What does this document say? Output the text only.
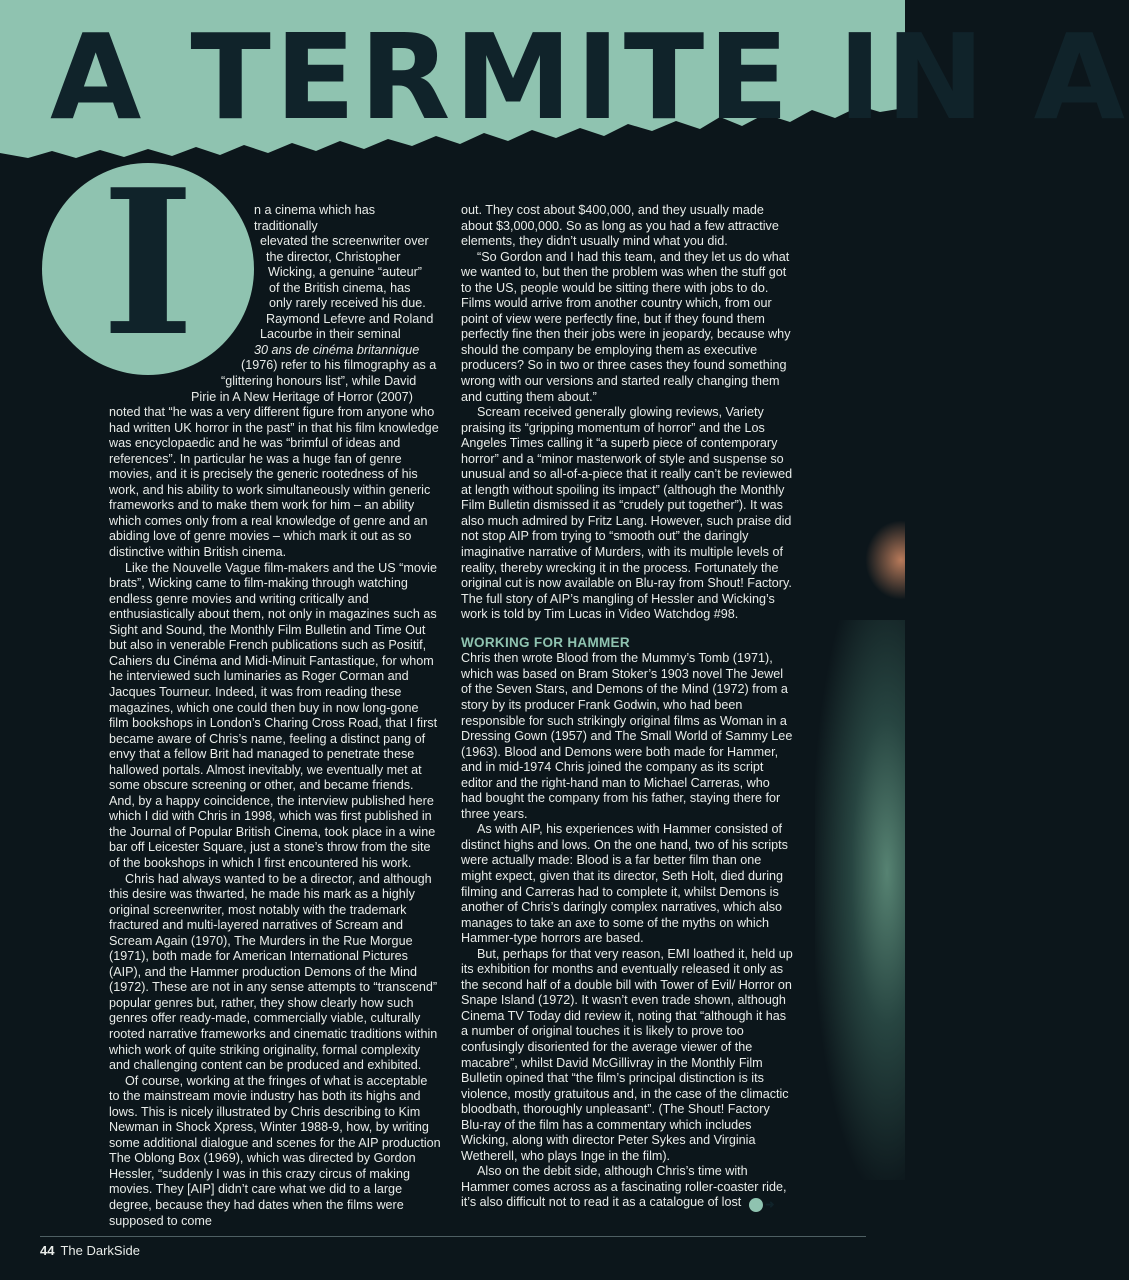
A TERMITE IN A
I	n a cinema which has traditionally
elevated the screenwriter over
the director, Christopher
Wicking, a genuine “auteur”
of the British cinema, has
only rarely received his due.
Raymond Lefevre and Roland
Lacourbe in their seminal
30 ans de cinéma britannique
(1976) refer to his filmography as a
“glittering honours list”, while David
Pirie in A New Heritage of Horror (2007)

noted that “he was a very different figure from anyone who had written UK horror in the past” in that his film knowledge was encyclopaedic and he was “brimful of ideas and references”. In particular he was a huge fan of genre movies, and it is precisely the generic rootedness of his work, and his ability to work simultaneously within generic frameworks and to make them work for him – an ability which comes only from a real knowledge of genre and an abiding love of genre movies – which mark it out as so distinctive within British cinema.

Like the Nouvelle Vague film-makers and the US “movie brats”, Wicking came to film-making through watching endless genre movies and writing critically and enthusiastically about them, not only in magazines such as Sight and Sound, the Monthly Film Bulletin and Time Out but also in venerable French publications such as Positif, Cahiers du Cinéma and Midi-Minuit Fantastique, for whom he interviewed such luminaries as Roger Corman and Jacques Tourneur. Indeed, it was from reading these magazines, which one could then buy in now long-gone film bookshops in London’s Charing Cross Road, that I first became aware of Chris’s name, feeling a distinct pang of envy that a fellow Brit had managed to penetrate these hallowed portals. Almost inevitably, we eventually met at some obscure screening or other, and became friends. And, by a happy coincidence, the interview published here which I did with Chris in 1998, which was first published in the Journal of Popular British Cinema, took place in a wine bar off Leicester Square, just a stone’s throw from the site of the bookshops in which I first encountered his work.

Chris had always wanted to be a director, and although this desire was thwarted, he made his mark as a highly original screenwriter, most notably with the trademark fractured and multi-layered narratives of Scream and Scream Again (1970), The Murders in the Rue Morgue (1971), both made for American International Pictures (AIP), and the Hammer production Demons of the Mind (1972). These are not in any sense attempts to “transcend” popular genres but, rather, they show clearly how such genres offer ready-made, commercially viable, culturally rooted narrative frameworks and cinematic traditions within which work of quite striking originality, formal complexity and challenging content can be produced and exhibited.

Of course, working at the fringes of what is acceptable to the mainstream movie industry has both its highs and lows. This is nicely illustrated by Chris describing to Kim Newman in Shock Xpress, Winter 1988-9, how, by writing some additional dialogue and scenes for the AIP production The Oblong Box (1969), which was directed by Gordon Hessler, “suddenly I was in this crazy circus of making movies. They [AIP] didn’t care what we did to a large degree, because they had dates when the films were supposed to come

out. They cost about $400,000, and they usually made about $3,000,000. So as long as you had a few attractive elements, they didn’t usually mind what you did.

“So Gordon and I had this team, and they let us do what we wanted to, but then the problem was when the stuff got to the US, people would be sitting there with jobs to do. Films would arrive from another country which, from our point of view were perfectly fine, but if they found them perfectly fine then their jobs were in jeopardy, because why should the company be employing them as executive producers? So in two or three cases they found something wrong with our versions and started really changing them and cutting them about.”

Scream received generally glowing reviews, Variety praising its “gripping momentum of horror” and the Los Angeles Times calling it “a superb piece of contemporary horror” and a “minor masterwork of style and suspense so unusual and so all-of-a-piece that it really can’t be reviewed at length without spoiling its impact” (although the Monthly Film Bulletin dismissed it as “crudely put together”). It was also much admired by Fritz Lang. However, such praise did not stop AIP from trying to “smooth out” the daringly imaginative narrative of Murders, with its multiple levels of reality, thereby wrecking it in the process. Fortunately the original cut is now available on Blu-ray from Shout! Factory. The full story of AIP’s mangling of Hessler and Wicking’s work is told by Tim Lucas in Video Watchdog #98.

WORKING FOR HAMMER

Chris then wrote Blood from the Mummy’s Tomb (1971), which was based on Bram Stoker’s 1903 novel The Jewel of the Seven Stars, and Demons of the Mind (1972) from a story by its producer Frank Godwin, who had been responsible for such strikingly original films as Woman in a Dressing Gown (1957) and The Small World of Sammy Lee (1963). Blood and Demons were both made for Hammer, and in mid-1974 Chris joined the company as its script editor and the right-hand man to Michael Carreras, who had bought the company from his father, staying there for three years.

As with AIP, his experiences with Hammer consisted of distinct highs and lows. On the one hand, two of his scripts were actually made: Blood is a far better film than one might expect, given that its director, Seth Holt, died during filming and Carreras had to complete it, whilst Demons is another of Chris’s daringly complex narratives, which also manages to take an axe to some of the myths on which Hammer-type horrors are based.

But, perhaps for that very reason, EMI loathed it, held up its exhibition for months and eventually released it only as the second half of a double bill with Tower of Evil/ Horror on Snape Island (1972). It wasn’t even trade shown, although Cinema TV Today did review it, noting that “although it has a number of original touches it is likely to prove too confusingly disoriented for the average viewer of the macabre”, whilst David McGillivray in the Monthly Film Bulletin opined that “the film’s principal distinction is its violence, mostly gratuitous and, in the case of the climactic bloodbath, thoroughly unpleasant”. (The Shout! Factory Blu-ray of the film has a commentary which includes Wicking, along with director Peter Sykes and Virginia Wetherell, who plays Inge in the film).

Also on the debit side, although Chris’s time with Hammer comes across as a fascinating roller-coaster ride, it’s also difficult not to read it as a catalogue of lost ➜

44 The DarkSide
